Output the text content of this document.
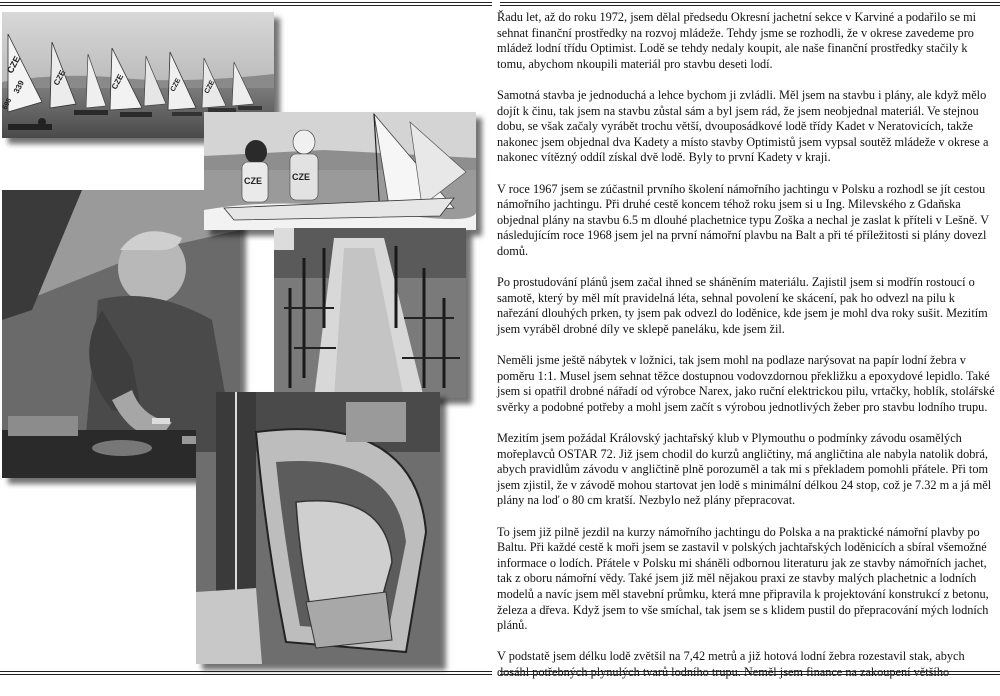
CZE
339
698
CZE	CZE	CZE	CZE
CZE	CZE

Řadu let, až do roku 1972, jsem dělal předsedu Okresní jachetní sekce v Karviné a podařilo se mi sehnat finanční prostředky na rozvoj mládeže. Tehdy jsme se rozhodli, že v okrese zavedeme pro mládež lodní třídu Optimist. Lodě se tehdy nedaly koupit, ale naše finanční prostředky stačily k tomu, abychom nkoupili materiál pro stavbu deseti lodí.

Samotná stavba je jednoduchá a lehce bychom ji zvládli. Měl jsem na stavbu i plány, ale když mělo dojít k činu, tak jsem na stavbu zůstal sám a byl jsem rád, že jsem neobjednal materiál. Ve stejnou dobu, se však začaly vyrábět trochu větší, dvouposádkové lodě třídy Kadet v Neratovicích, takže nakonec jsem objednal dva Kadety a místo stavby Optimistů jsem vypsal soutěž mládeže v okrese a nakonec vítězný oddíl získal dvě lodě. Byly to první Kadety v kraji.

V roce 1967 jsem se zúčastnil prvního školení námořního jachtingu v Polsku a rozhodl se jít cestou námořního jachtingu. Při druhé cestě koncem téhož roku jsem si u Ing. Milevského z Gdaňska objednal plány na stavbu 6.5 m dlouhé plachetnice typu Zoška a nechal je zaslat k příteli v Lešně. V následujícím roce 1968 jsem jel na první námořní plavbu na Balt a při té příležitosti si plány dovezl domů.

Po prostudování plánů jsem začal ihned se sháněním materiálu. Zajistil jsem si modřín rostoucí o samotě, který by měl mít pravidelná léta, sehnal povolení ke skácení, pak ho odvezl na pilu k nařezání dlouhých prken, ty jsem pak odvezl do loděnice, kde jsem je mohl dva roky sušit. Mezitím jsem vyráběl drobné díly ve sklepě paneláku, kde jsem žil.

Neměli jsme ještě nábytek v ložnici, tak jsem mohl na podlaze narýsovat na papír lodní žebra v poměru 1:1. Musel jsem sehnat těžce dostupnou vodovzdornou překližku a epoxydové lepidlo. Také jsem si opatřil drobné nářadí od výrobce Narex, jako ruční elektrickou pilu, vrtačky, hoblík, stolářské svěrky a podobné potřeby a mohl jsem začít s výrobou jednotlivých žeber pro stavbu lodního trupu.

Mezitím jsem požádal Královský jachtařský klub v Plymouthu o podmínky závodu osamělých mořeplavců OSTAR 72. Již jsem chodil do kurzů angličtiny, má angličtina ale nabyla natolik dobrá, abych pravidlům závodu v angličtině plně porozuměl a tak mi s překladem pomohli přátele. Při tom jsem zjistil, že v závodě mohou startovat jen lodě s minimální délkou 24 stop, což je 7.32 m a já měl plány na loď o 80 cm kratší. Nezbylo než plány přepracovat.

To jsem již pilně jezdil na kurzy námořního jachtingu do Polska a na praktické námořní plavby po Baltu. Při každé cestě k moři jsem se zastavil v polských jachtařských loděnicích a sbíral všemožné informace o lodích. Přátele v Polsku mi sháněli odbornou literaturu jak ze stavby námořních jachet, tak z oboru námořní vědy. Také jsem již měl nějakou praxi ze stavby malých plachetnic a lodních modelů a navíc jsem měl stavební průmku, která mne připravila k projektování konstrukcí z betonu, železa a dřeva. Když jsem to vše smíchal, tak jsem se s klidem pustil do přepracování mých lodních plánů.

V podstatě jsem délku lodě zvětšil na 7,42 metrů a již hotová lodní žebra rozestavil stak, abych dosáhl potřebných plynulých tvarů lodního trupu. Neměl jsem finance na zakoupení většího
